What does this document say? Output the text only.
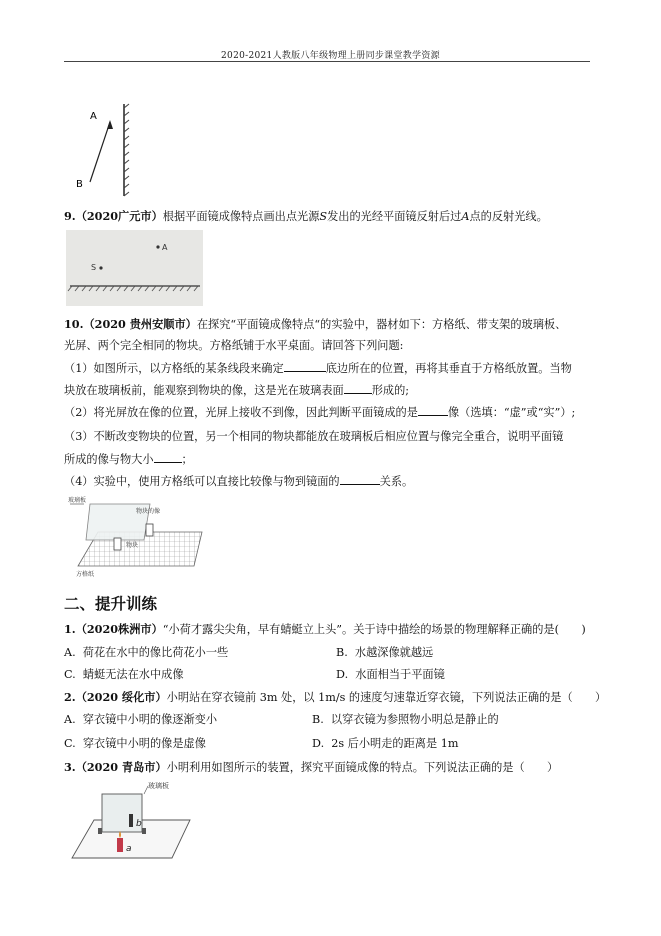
2020-2021人教版八年级物理上册同步课堂教学资源
A
B
9.（2020广元市）根据平面镜成像特点画出点光源S发出的光经平面镜反射后过A点的反射光线。
A
S
10.（2020 贵州安顺市）在探究“平面镜成像特点“的实验中，器材如下：方格纸、带支架的玻璃板、
光屏、两个完全相同的物块。方格纸铺于水平桌面。请回答下列问题:
（1）如图所示，以方格纸的某条线段来确定	底边所在的位置，再将其垂直于方格纸放置。当物
块放在玻璃板前，能观察到物块的像，这是光在玻璃表面	形成的;
（2）将光屏放在像的位置，光屏上接收不到像，因此判断平面镜成的是	像（选填：“虚”或“实”）;
（3）不断改变物块的位置，另一个相同的物块都能放在玻璃板后相应位置与像完全重合，说明平面镜
所成的像与物大小	；
（4）实验中，使用方格纸可以直接比较像与物到镜面的	关系。
玻璃板
物块的像
物块
方格纸
二、提升训练
1.（2020株洲市）“小荷才露尖尖角，早有蜻蜓立上头”。关于诗中描绘的场景的物理解释正确的是(　　)
A. 荷花在水中的像比荷花小一些	B. 水越深像就越远
C. 蜻蜓无法在水中成像	D. 水面相当于平面镜
2.（2020 绥化市）小明站在穿衣镜前 3m 处，以 1m/s 的速度匀速靠近穿衣镜，下列说法正确的是（　　）
A. 穿衣镜中小明的像逐渐变小	B. 以穿衣镜为参照物小明总是静止的
C. 穿衣镜中小明的像是虚像	D. 2s 后小明走的距离是 1m
3.（2020 青岛市）小明利用如图所示的装置，探究平面镜成像的特点。下列说法正确的是（　　）
玻璃板
b
a
